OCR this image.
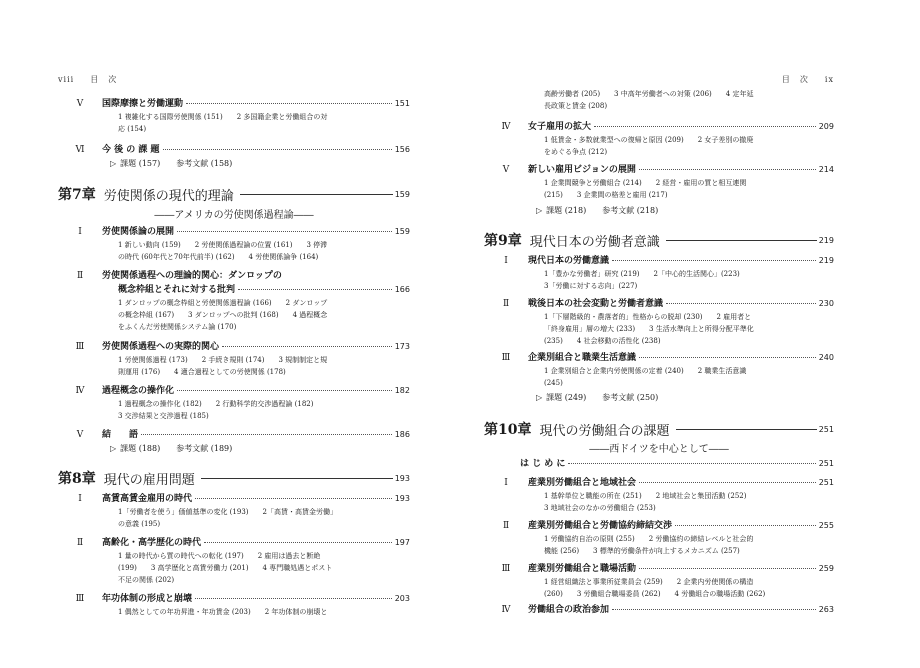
viii 目　次
V	国際摩擦と労働運動	151
1 複雑化する国際労使関係 (151)　　2 多国籍企業と労働組合の対
応 (154)
Ⅵ	今 後 の 課 題	156
▷ 課題 (157)　　参考文献 (158)
第7章 労使関係の現代的理論	159
――アメリカの労使関係過程論――
I	労使関係論の展開	159
1 新しい動向 (159)　　2 労使関係過程論の位置 (161)　　3 停滞
の時代 (60年代と70年代前半) (162)　　4 労使関係論争 (164)
Ⅱ	労使関係過程への理論的関心：ダンロップの
概念枠組とそれに対する批判	166
1 ダンロップの概念枠組と労使関係過程論 (166)　　2 ダンロップ
の概念枠組 (167)　　3 ダンロップへの批判 (168)　　4 過程概念
をふくんだ労使関係システム論 (170)
Ⅲ	労使関係過程への実際的関心	173
1 労使関係過程 (173)　　2 手続き規則 (174)　　3 規制制定と規
則運用 (176)　　4 適合過程としての労使関係 (178)
Ⅳ	過程概念の操作化	182
1 過程概念の操作化 (182)　　2 行動科学的交渉過程論 (182)
3 交渉結果と交渉過程 (185)
V	結　　語	186
▷ 課題 (188)　　参考文献 (189)
第8章 現代の雇用問題	193
I	高賃高賃金雇用の時代	193
1「労働者を使う」価値基準の変化 (193)　　2「高賃・高賃金労働」
の意義 (195)
Ⅱ	高齢化・高学歴化の時代	197
1 量の時代から質の時代への転化 (197)　　2 雇用は過去と断絶
(199)　　3 高学歴化と高賃労働力 (201)　　4 専門職処遇とポスト
不足の関係 (202)
Ⅲ	年功体制の形成と崩壊	203
1 偶然としての年功昇進・年功賃金 (203)　　2 年功体制の崩壊と
目　次 ix
高齢労働者 (205)　　3 中高年労働者への対策 (206)　　4 定年延
長政策と賃金 (208)
Ⅳ	女子雇用の拡大	209
1 低賃金・多数就業型への復帰と原因 (209)　　2 女子差別の撤廃
をめぐる争点 (212)
V	新しい雇用ビジョンの展開	214
1 企業間競争と労働組合 (214)　　2 経営・雇用の質と相互連関
(215)　　3 企業間の格差と雇用 (217)
▷ 課題 (218)　　参考文献 (218)
第9章 現代日本の労働者意識	219
I	現代日本の労働意識	219
1「豊かな労働者」研究 (219)　　2「中心的生活関心」(223)
3「労働に対する志向」(227)
Ⅱ	戦後日本の社会変動と労働者意識	230
1「下層階級的・農落者的」性格からの脱却 (230)　　2 雇用者と
「終身雇用」層の増大 (233)　　3 生活水準向上と所得分配平準化
(235)　　4 社会移動の活性化 (238)
Ⅲ	企業別組合と職業生活意識	240
1 企業別組合と企業内労使関係の定着 (240)　　2 職業生活意識
(245)
▷ 課題 (249)　　参考文献 (250)
第10章 現代の労働組合の課題	251
――西ドイツを中心として――
は じ め に	251
I	産業別労働組合と地域社会	251
1 基幹単位と職能の所在 (251)　　2 地域社会と集団活動 (252)
3 地域社会のなかの労働組合 (253)
Ⅱ	産業別労働組合と労働協約締結交渉	255
1 労働協約自治の原則 (255)　　2 労働協約の締結レベルと社会的
機能 (256)　　3 標準的労働条件が向上するメカニズム (257)
Ⅲ	産業別労働組合と職場活動	259
1 経営組織法と事業所従業員会 (259)　　2 企業内労使関係の構造
(260)　　3 労働組合職場委員 (262)　　4 労働組合の職場活動 (262)
Ⅳ	労働組合の政治参加	263
